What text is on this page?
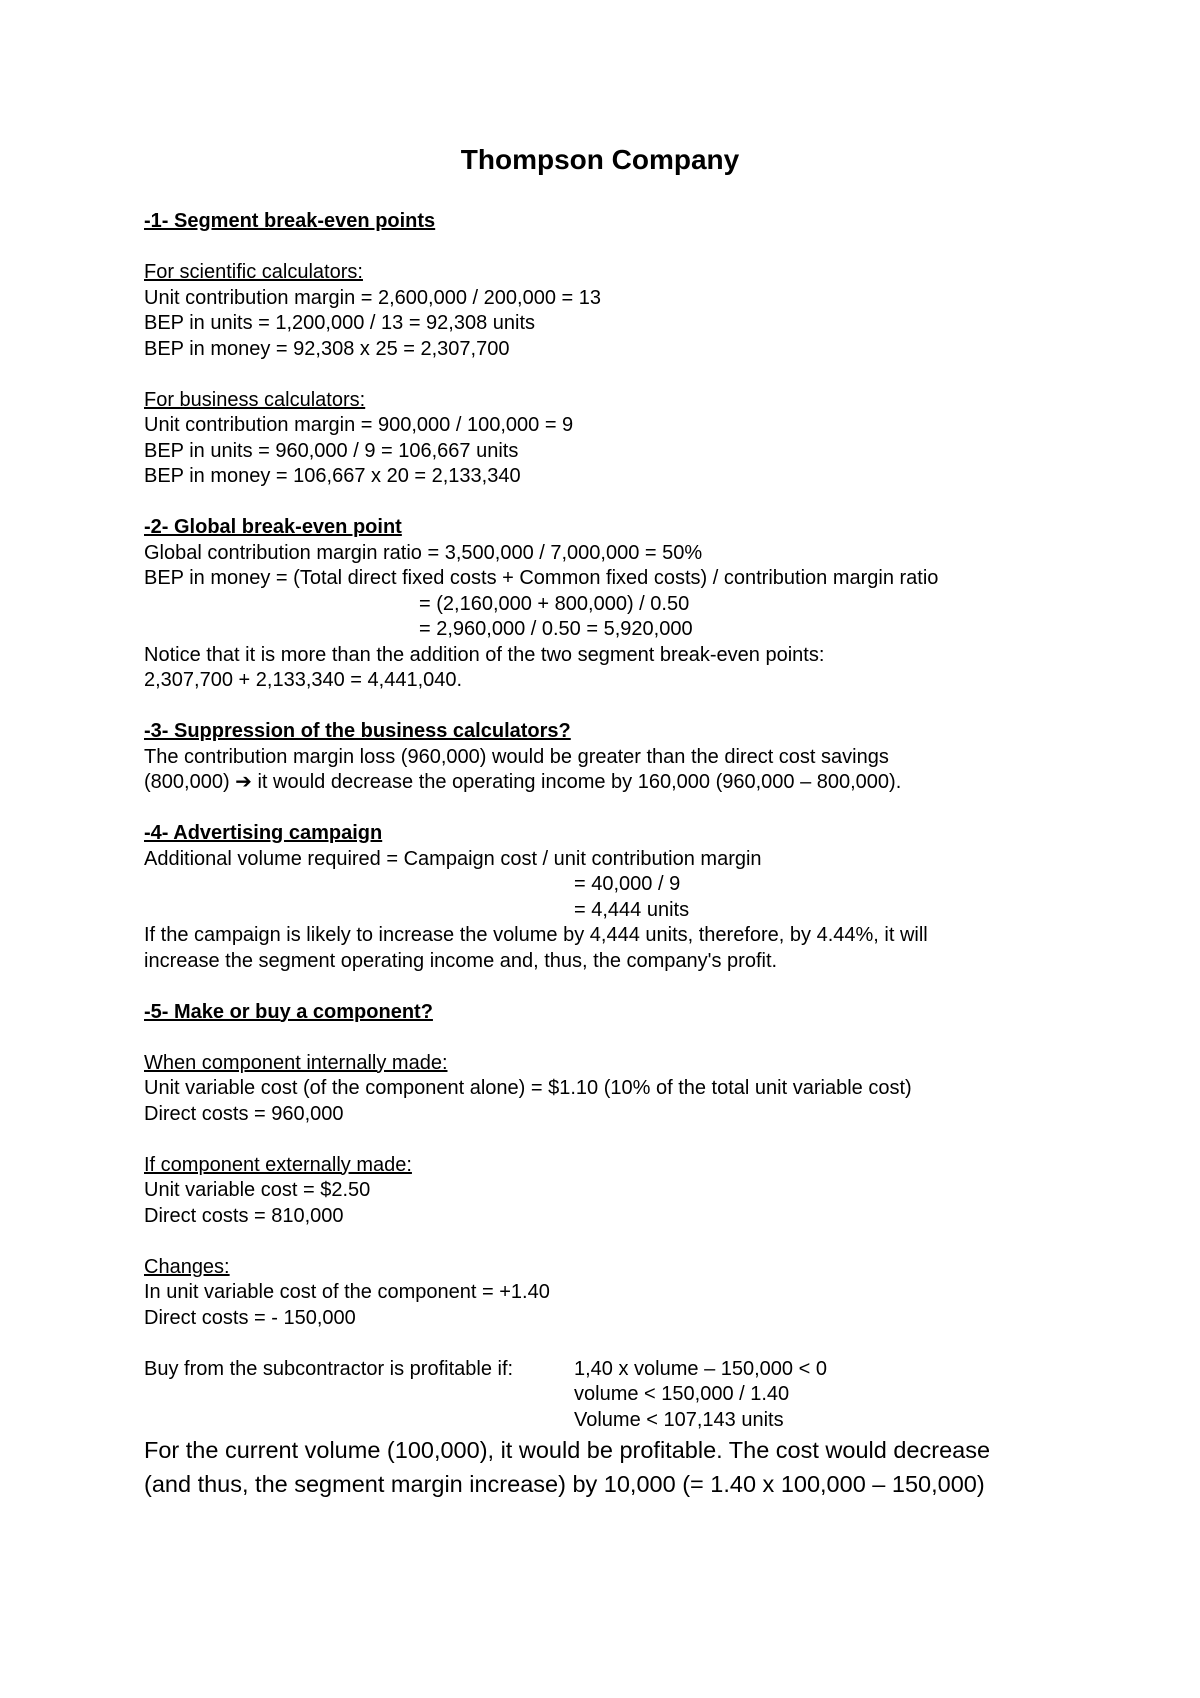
Thompson Company
-1- Segment break-even points
For scientific calculators:
Unit contribution margin = 2,600,000 / 200,000 = 13
BEP in units = 1,200,000 / 13 = 92,308 units
BEP in money = 92,308 x 25 = 2,307,700
For business calculators:
Unit contribution margin = 900,000 / 100,000 = 9
BEP in units = 960,000 / 9 = 106,667 units
BEP in money = 106,667 x 20 = 2,133,340
-2- Global break-even point
Global contribution margin ratio = 3,500,000 / 7,000,000 = 50%
BEP in money = (Total direct fixed costs + Common fixed costs) / contribution margin ratio
= (2,160,000 + 800,000) / 0.50
= 2,960,000 / 0.50 = 5,920,000
Notice that it is more than the addition of the two segment break-even points:
2,307,700 + 2,133,340 = 4,441,040.
-3- Suppression of the business calculators?
The contribution margin loss (960,000) would be greater than the direct cost savings
(800,000) ➔ it would decrease the operating income by 160,000 (960,000 – 800,000).
-4- Advertising campaign
Additional volume required = Campaign cost / unit contribution margin
= 40,000 / 9
= 4,444 units
If the campaign is likely to increase the volume by 4,444 units, therefore, by 4.44%, it will
increase the segment operating income and, thus, the company's profit.
-5- Make or buy a component?
When component internally made:
Unit variable cost (of the component alone) = $1.10 (10% of the total unit variable cost)
Direct costs = 960,000
If component externally made:
Unit variable cost = $2.50
Direct costs = 810,000
Changes:
In unit variable cost of the component = +1.40
Direct costs = - 150,000
Buy from the subcontractor is profitable if:	1,40 x volume – 150,000 < 0
volume < 150,000 / 1.40
Volume < 107,143 units
For the current volume (100,000), it would be profitable. The cost would decrease
(and thus, the segment margin increase) by 10,000 (= 1.40 x 100,000 – 150,000)
